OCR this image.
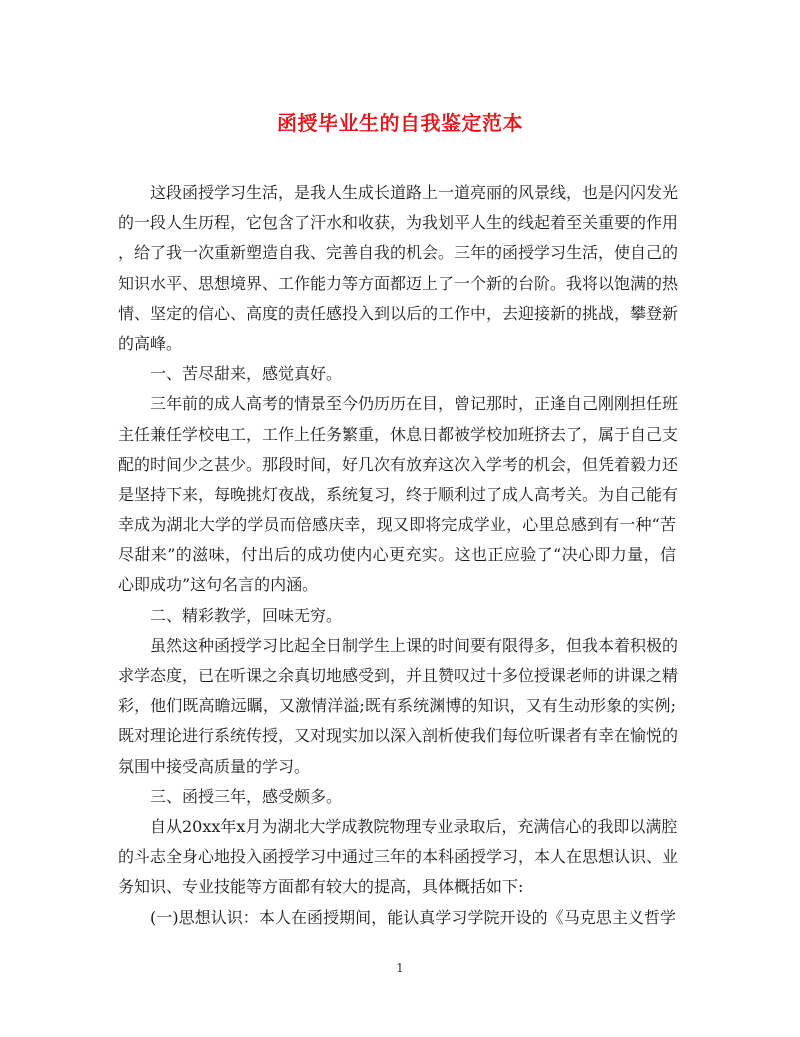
函授毕业生的自我鉴定范本
这段函授学习生活，是我人生成长道路上一道亮丽的风景线，也是闪闪发光
的一段人生历程，它包含了汗水和收获，为我划平人生的线起着至关重要的作用
，给了我一次重新塑造自我、完善自我的机会。三年的函授学习生活，使自己的
知识水平、思想境界、工作能力等方面都迈上了一个新的台阶。我将以饱满的热
情、坚定的信心、高度的责任感投入到以后的工作中，去迎接新的挑战，攀登新
的高峰。
一、苦尽甜来，感觉真好。
三年前的成人高考的情景至今仍历历在目，曾记那时，正逢自己刚刚担任班
主任兼任学校电工，工作上任务繁重，休息日都被学校加班挤去了，属于自己支
配的时间少之甚少。那段时间，好几次有放弃这次入学考的机会，但凭着毅力还
是坚持下来，每晚挑灯夜战，系统复习，终于顺利过了成人高考关。为自己能有
幸成为湖北大学的学员而倍感庆幸，现又即将完成学业，心里总感到有一种“苦
尽甜来”的滋味，付出后的成功使内心更充实。这也正应验了“决心即力量，信
心即成功”这句名言的内涵。
二、精彩教学，回味无穷。
虽然这种函授学习比起全日制学生上课的时间要有限得多，但我本着积极的
求学态度，已在听课之余真切地感受到，并且赞叹过十多位授课老师的讲课之精
彩，他们既高瞻远瞩，又激情洋溢;既有系统渊博的知识，又有生动形象的实例;
既对理论进行系统传授，又对现实加以深入剖析使我们每位听课者有幸在愉悦的
氛围中接受高质量的学习。
三、函授三年，感受颇多。
自从20xx年x月为湖北大学成教院物理专业录取后，充满信心的我即以满腔
的斗志全身心地投入函授学习中通过三年的本科函授学习，本人在思想认识、业
务知识、专业技能等方面都有较大的提高，具体概括如下:
(一)思想认识：本人在函授期间，能认真学习学院开设的《马克思主义哲学
1
